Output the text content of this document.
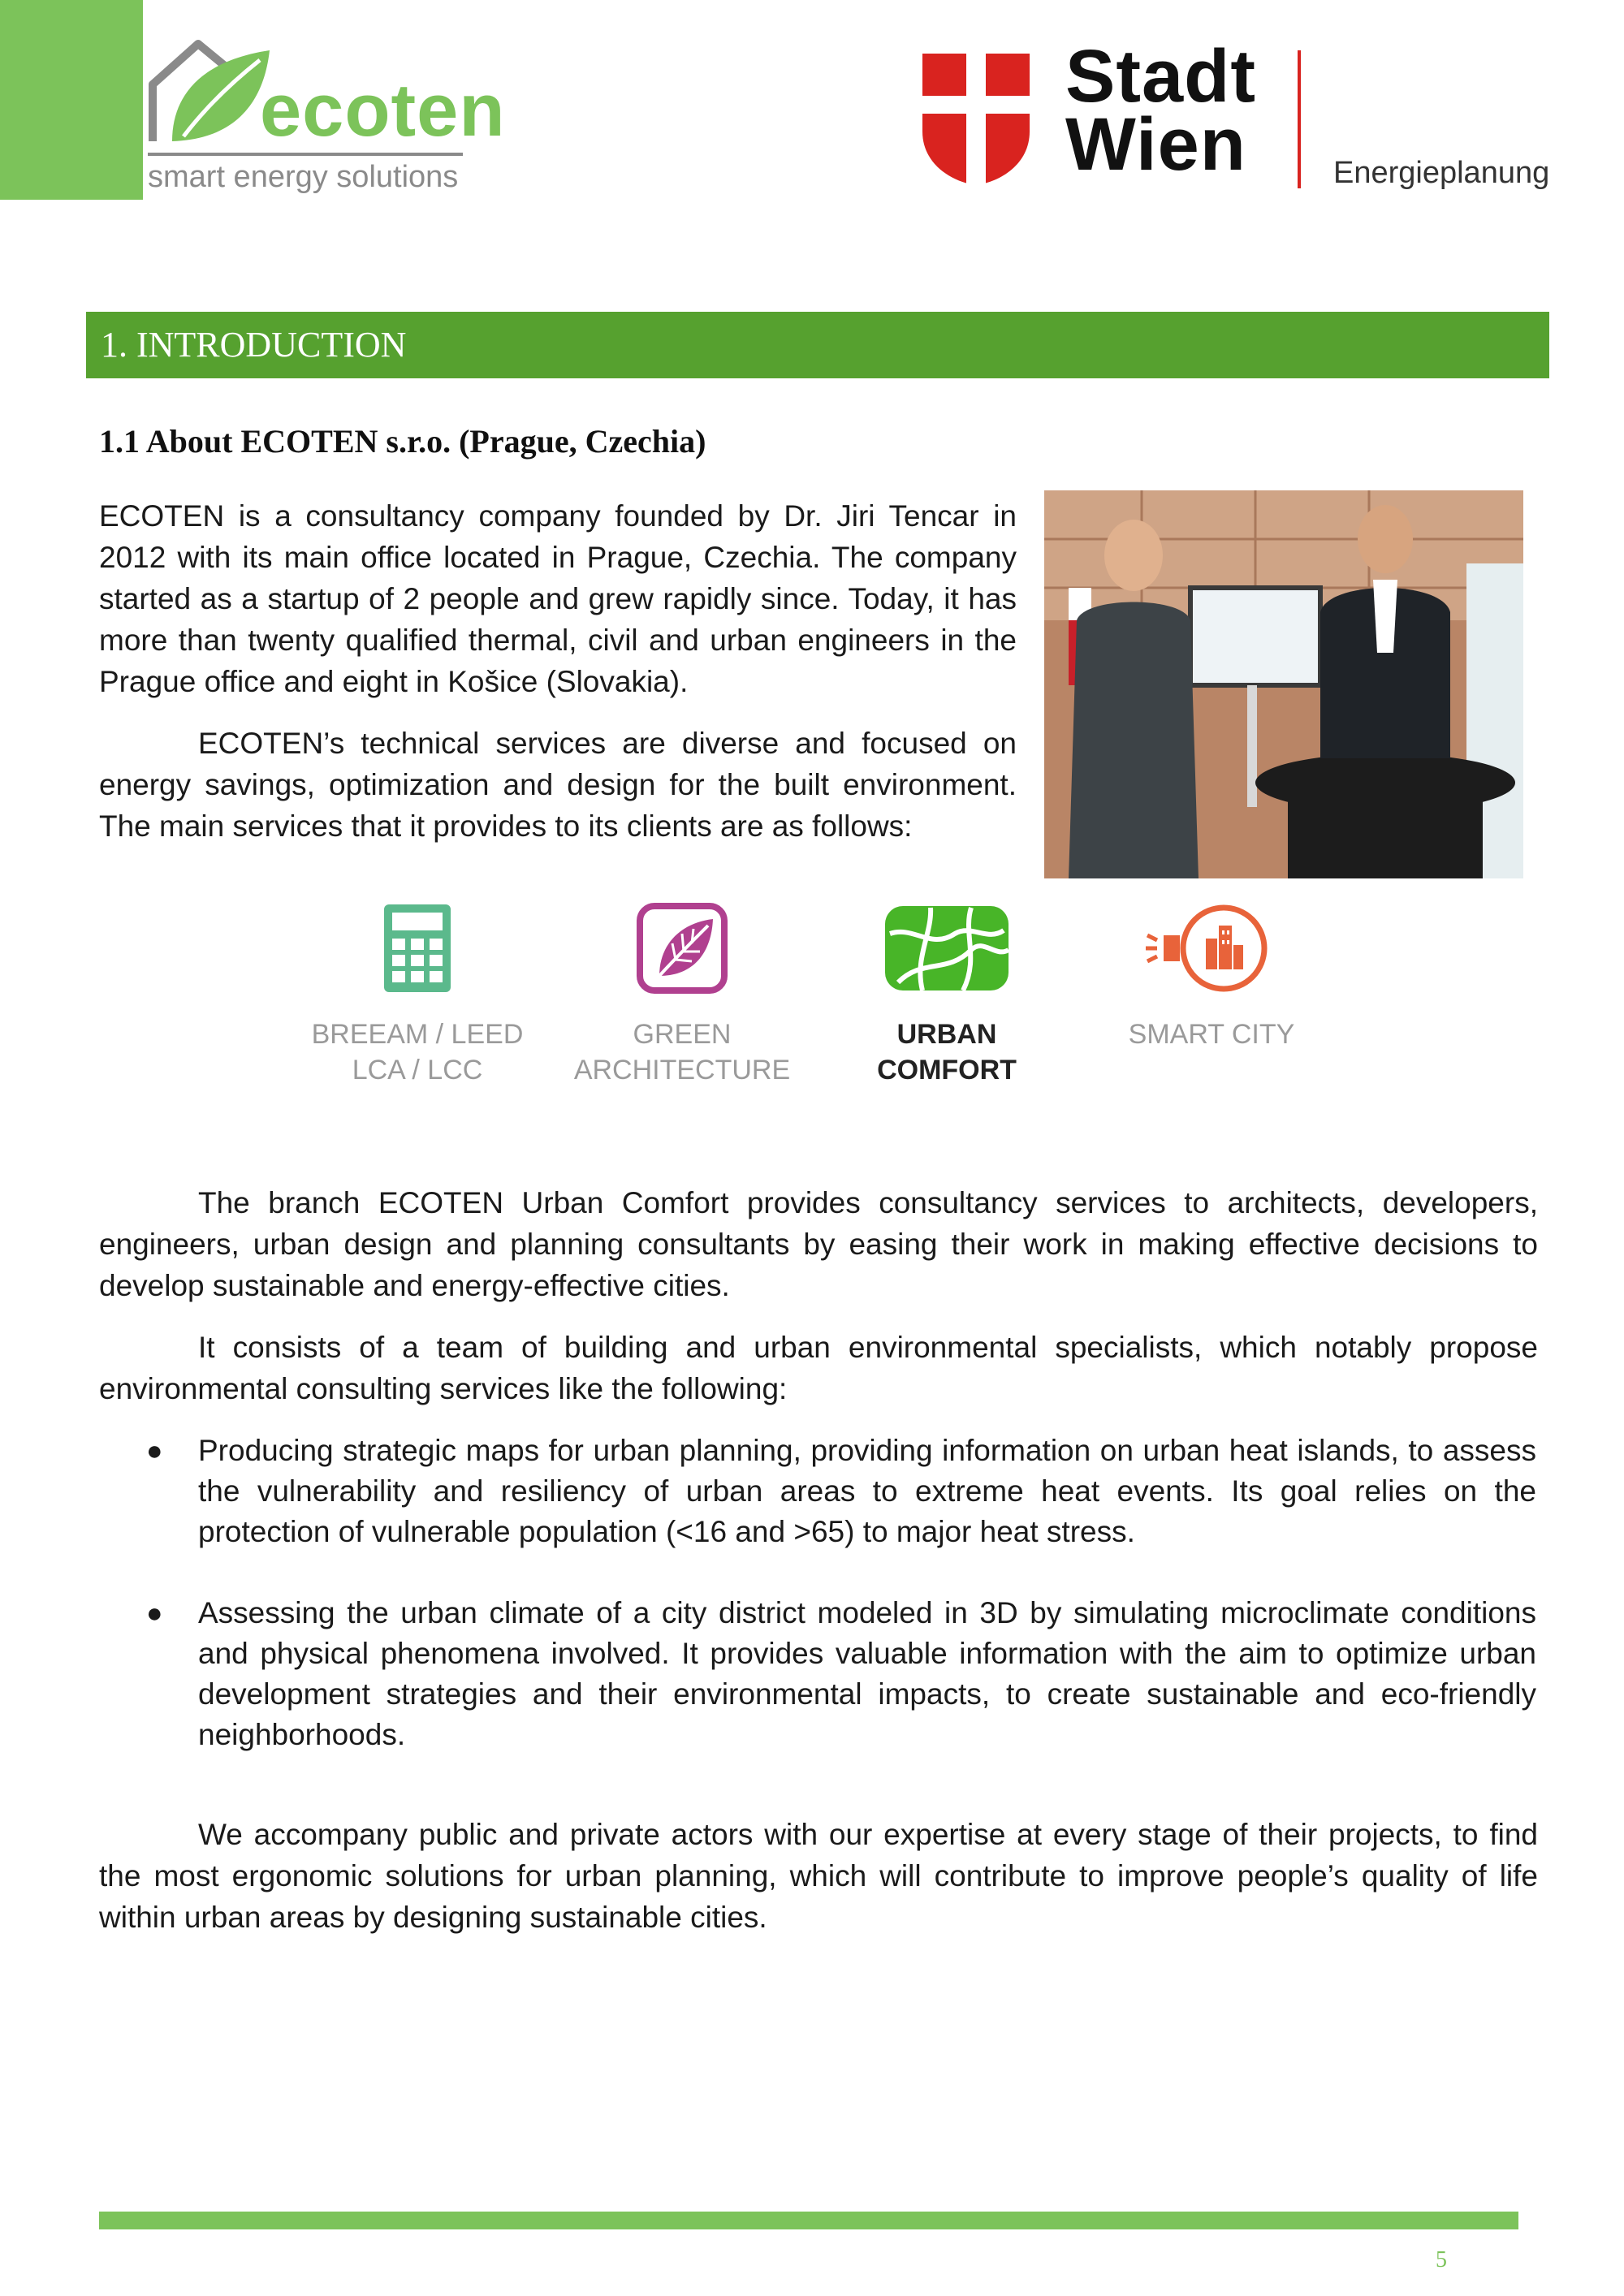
ecoten
smart energy solutions
Stadt
Wien	Energieplanung
1. INTRODUCTION
1.1 About ECOTEN s.r.o. (Prague, Czechia)
ECOTEN is a consultancy company founded by Dr. Jiri Tencar in 2012 with its main office located in Prague, Czechia. The company started as a startup of 2 people and grew rapidly since. Today, it has more than twenty qualified thermal, civil and urban engineers in the Prague office and eight in Košice (Slovakia).
ECOTEN’s technical services are diverse and focused on energy savings, optimization and design for the built environment. The main services that it provides to its clients are as follows:
BREEAM / LEED
LCA / LCC
GREEN
ARCHITECTURE
URBAN
COMFORT
SMART CITY
The branch ECOTEN Urban Comfort provides consultancy services to architects, developers, engineers, urban design and planning consultants by easing their work in making effective decisions to develop sustainable and energy-effective cities.
It consists of a team of building and urban environmental specialists, which notably propose environmental consulting services like the following:
● Producing strategic maps for urban planning, providing information on urban heat islands, to assess the vulnerability and resiliency of urban areas to extreme heat events. Its goal relies on the protection of vulnerable population (<16 and >65) to major heat stress.
● Assessing the urban climate of a city district modeled in 3D by simulating microclimate conditions and physical phenomena involved. It provides valuable information with the aim to optimize urban development strategies and their environmental impacts, to create sustainable and eco-friendly neighborhoods.
We accompany public and private actors with our expertise at every stage of their projects, to find the most ergonomic solutions for urban planning, which will contribute to improve people’s quality of life within urban areas by designing sustainable cities.
5
